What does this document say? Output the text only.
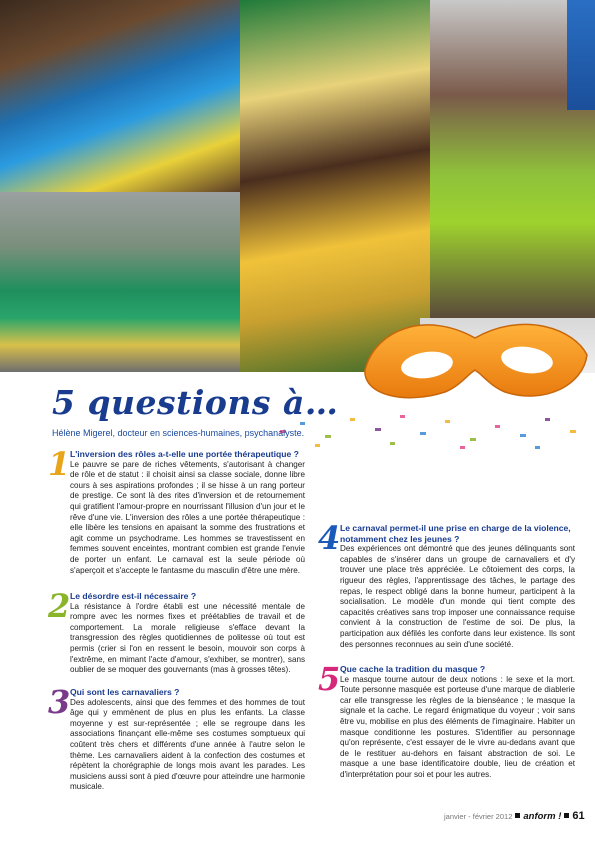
5 questions à…
Hélène Migerel, docteur en sciences-humaines, psychanalyste.
1 L'inversion des rôles a-t-elle une portée thérapeutique ?
Le pauvre se pare de riches vêtements, s'autorisant à changer de rôle et de statut : il choisit ainsi sa classe sociale, donne libre cours à ses aspirations profondes ; il se hisse à un rang porteur de prestige. Ce sont là des rites d'inversion et de retournement qui gratifient l'amour-propre en nourrissant l'illusion d'un jour et le rêve d'une vie. L'inversion des rôles a une portée thérapeutique : elle libère les tensions en apaisant la somme des frustrations et agit comme un psychodrame. Les hommes se travestissent en femmes souvent enceintes, montrant combien est grande l'envie de porter un enfant. Le carnaval est la seule période où s'aperçoit et s'accepte le fantasme du masculin d'être une mère.
2 Le désordre est-il nécessaire ?
La résistance à l'ordre établi est une nécessité mentale de rompre avec les normes fixes et préétablies de travail et de comportement. La morale religieuse s'efface devant la transgression des règles quotidiennes de politesse où tout est permis (crier si l'on en ressent le besoin, mouvoir son corps à l'extrême, en mimant l'acte d'amour, s'exhiber, se montrer), sans oublier de se moquer des gouvernants (mas à grosses têtes).
3 Qui sont les carnavaliers ?
Des adolescents, ainsi que des femmes et des hommes de tout âge qui y emmènent de plus en plus les enfants. La classe moyenne y est sur-représentée ; elle se regroupe dans les associations finançant elle-même ses costumes somptueux qui coûtent très chers et différents d'une année à l'autre selon le thème. Les carnavaliers aident à la confection des costumes et répètent la chorégraphie de longs mois avant les parades. Les musiciens aussi sont à pied d'œuvre pour atteindre une harmonie musicale.
4 Le carnaval permet-il une prise en charge de la violence, notamment chez les jeunes ?
Des expériences ont démontré que des jeunes délinquants sont capables de s'insérer dans un groupe de carnavaliers et d'y trouver une place très appréciée. Le côtoiement des corps, la rigueur des règles, l'apprentissage des tâches, le partage des repas, le respect obligé dans la bonne humeur, participent à la socialisation. Le modèle d'un monde qui tient compte des capacités créatives sans trop imposer une connaissance requise convient à la construction de l'estime de soi. De plus, la participation aux défilés les conforte dans leur existence. Ils sont des personnes reconnues au sein d'une société.
5 Que cache la tradition du masque ?
Le masque tourne autour de deux notions : le sexe et la mort. Toute personne masquée est porteuse d'une marque de diablerie car elle transgresse les règles de la bienséance ; le masque la signale et la cache. Le regard énigmatique du voyeur ; voir sans être vu, mobilise en plus des éléments de l'imaginaire. Habiter un masque conditionne les postures. S'identifier au personnage qu'on représente, c'est essayer de le vivre au-dedans avant que de le restituer au-dehors en faisant abstraction de soi. Le masque a une base identificatoire double, lieu de création et d'interprétation pour soi et pour les autres.
janvier - février 2012 anform ! 61
